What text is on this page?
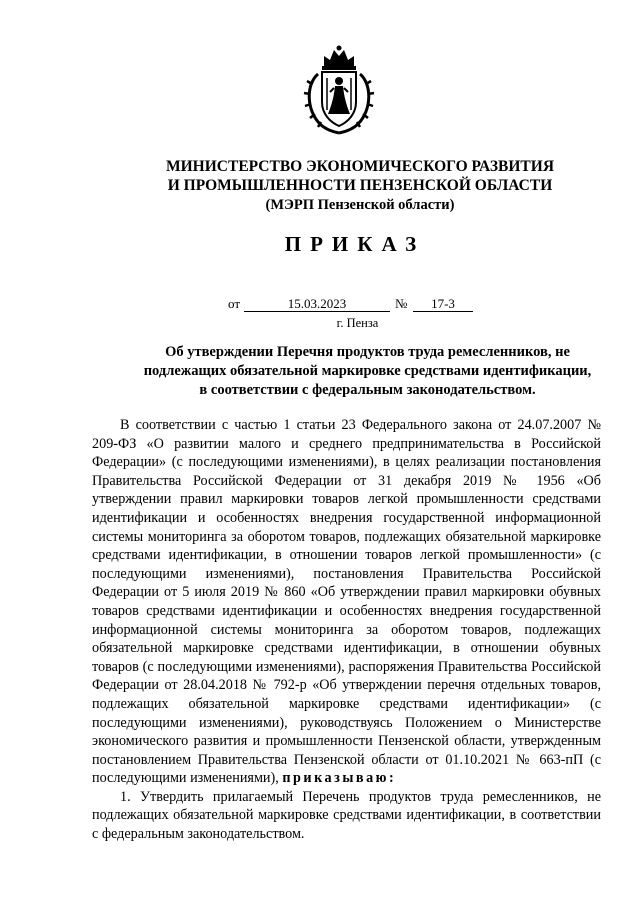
МИНИСТЕРСТВО ЭКОНОМИЧЕСКОГО РАЗВИТИЯ
И ПРОМЫШЛЕННОСТИ ПЕНЗЕНСКОЙ ОБЛАСТИ
(МЭРП Пензенской области)
ПРИКАЗ
от	15.03.2023	№	17-3
г. Пенза
Об утверждении Перечня продуктов труда ремесленников, не
подлежащих обязательной маркировке средствами идентификации,
в соответствии с федеральным законодательством.

В соответствии с частью 1 статьи 23 Федерального закона от 24.07.2007 № 209-ФЗ «О развитии малого и среднего предпринимательства в Российской Федерации» (с последующими изменениями), в целях реализации постановления Правительства Российской Федерации от 31 декабря 2019 № 1956 «Об утверждении правил маркировки товаров легкой промышленности средствами идентификации и особенностях внедрения государственной информационной системы мониторинга за оборотом товаров, подлежащих обязательной маркировке средствами идентификации, в отношении товаров легкой промышленности» (с последующими изменениями), постановления Правительства Российской Федерации от 5 июля 2019 № 860 «Об утверждении правил маркировки обувных товаров средствами идентификации и особенностях внедрения государственной информационной системы мониторинга за оборотом товаров, подлежащих обязательной маркировке средствами идентификации, в отношении обувных товаров (с последующими изменениями), распоряжения Правительства Российской Федерации от 28.04.2018 № 792-р «Об утверждении перечня отдельных товаров, подлежащих обязательной маркировке средствами идентификации» (с последующими изменениями), руководствуясь Положением о Министерстве экономического развития и промышленности Пензенской области, утвержденным постановлением Правительства Пензенской области от 01.10.2021 № 663-пП (с последующими изменениями), приказываю:

1. Утвердить прилагаемый Перечень продуктов труда ремесленников, не подлежащих обязательной маркировке средствами идентификации, в соответствии с федеральным законодательством.
